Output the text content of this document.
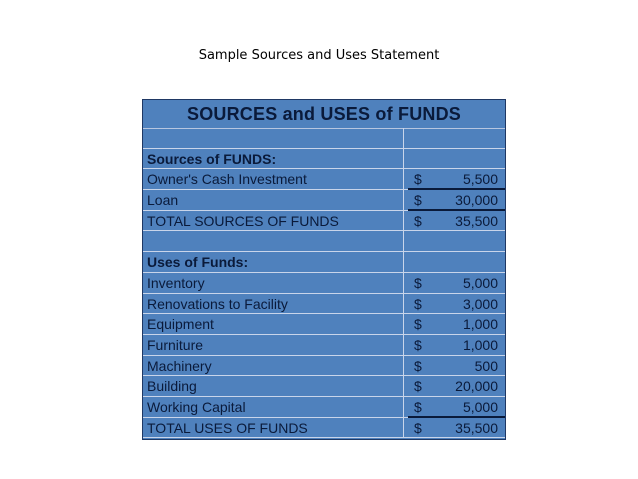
Sample Sources and Uses Statement
SOURCES and USES of FUNDS
Sources of FUNDS:
Owner's Cash Investment	$	5,500
Loan	$ 30,000
TOTAL SOURCES OF FUNDS	$ 35,500
Uses of Funds:
Inventory	$	5,000
Renovations to Facility	$	3,000
Equipment	$	1,000
Furniture	$	1,000
Machinery	$	500
Building	$ 20,000
Working Capital	$	5,000
TOTAL USES OF FUNDS	$ 35,500
